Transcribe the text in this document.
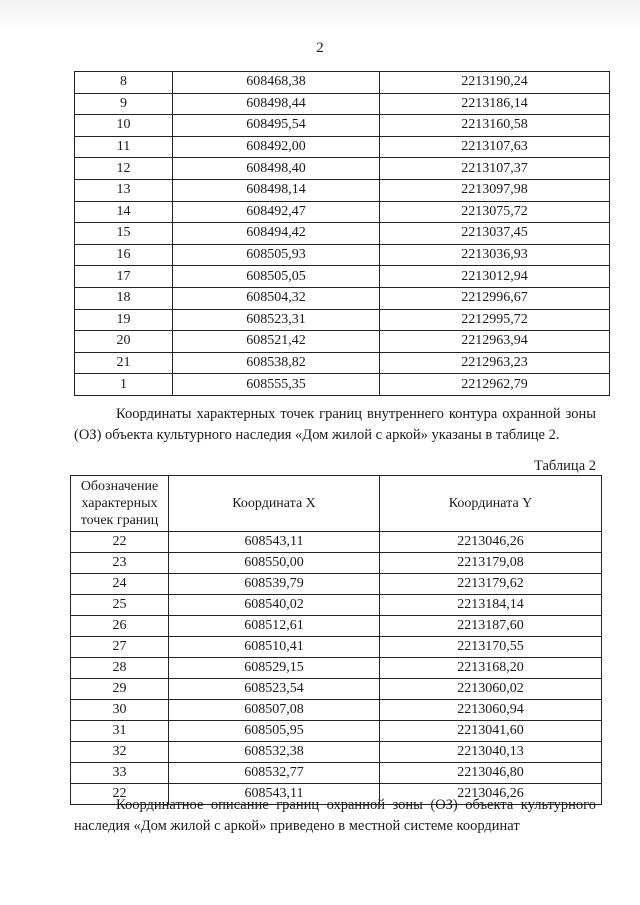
2
8	608468,38	2213190,24
9	608498,44	2213186,14
10	608495,54	2213160,58
11	608492,00	2213107,63
12	608498,40	2213107,37
13	608498,14	2213097,98
14	608492,47	2213075,72
15	608494,42	2213037,45
16	608505,93	2213036,93
17	608505,05	2213012,94
18	608504,32	2212996,67
19	608523,31	2212995,72
20	608521,42	2212963,94
21	608538,82	2212963,23
1	608555,35	2212962,79
Координаты характерных точек границ внутреннего контура охранной зоны (ОЗ) объекта культурного наследия «Дом жилой с аркой» указаны в таблице 2.
Таблица 2
Обозначение характерных точек границ	Координата X	Координата Y
22	608543,11	2213046,26
23	608550,00	2213179,08
24	608539,79	2213179,62
25	608540,02	2213184,14
26	608512,61	2213187,60
27	608510,41	2213170,55
28	608529,15	2213168,20
29	608523,54	2213060,02
30	608507,08	2213060,94
31	608505,95	2213041,60
32	608532,38	2213040,13
33	608532,77	2213046,80
22	608543,11	2213046,26
Координатное описание границ охранной зоны (ОЗ) объекта культурного наследия «Дом жилой с аркой» приведено в местной системе координат
